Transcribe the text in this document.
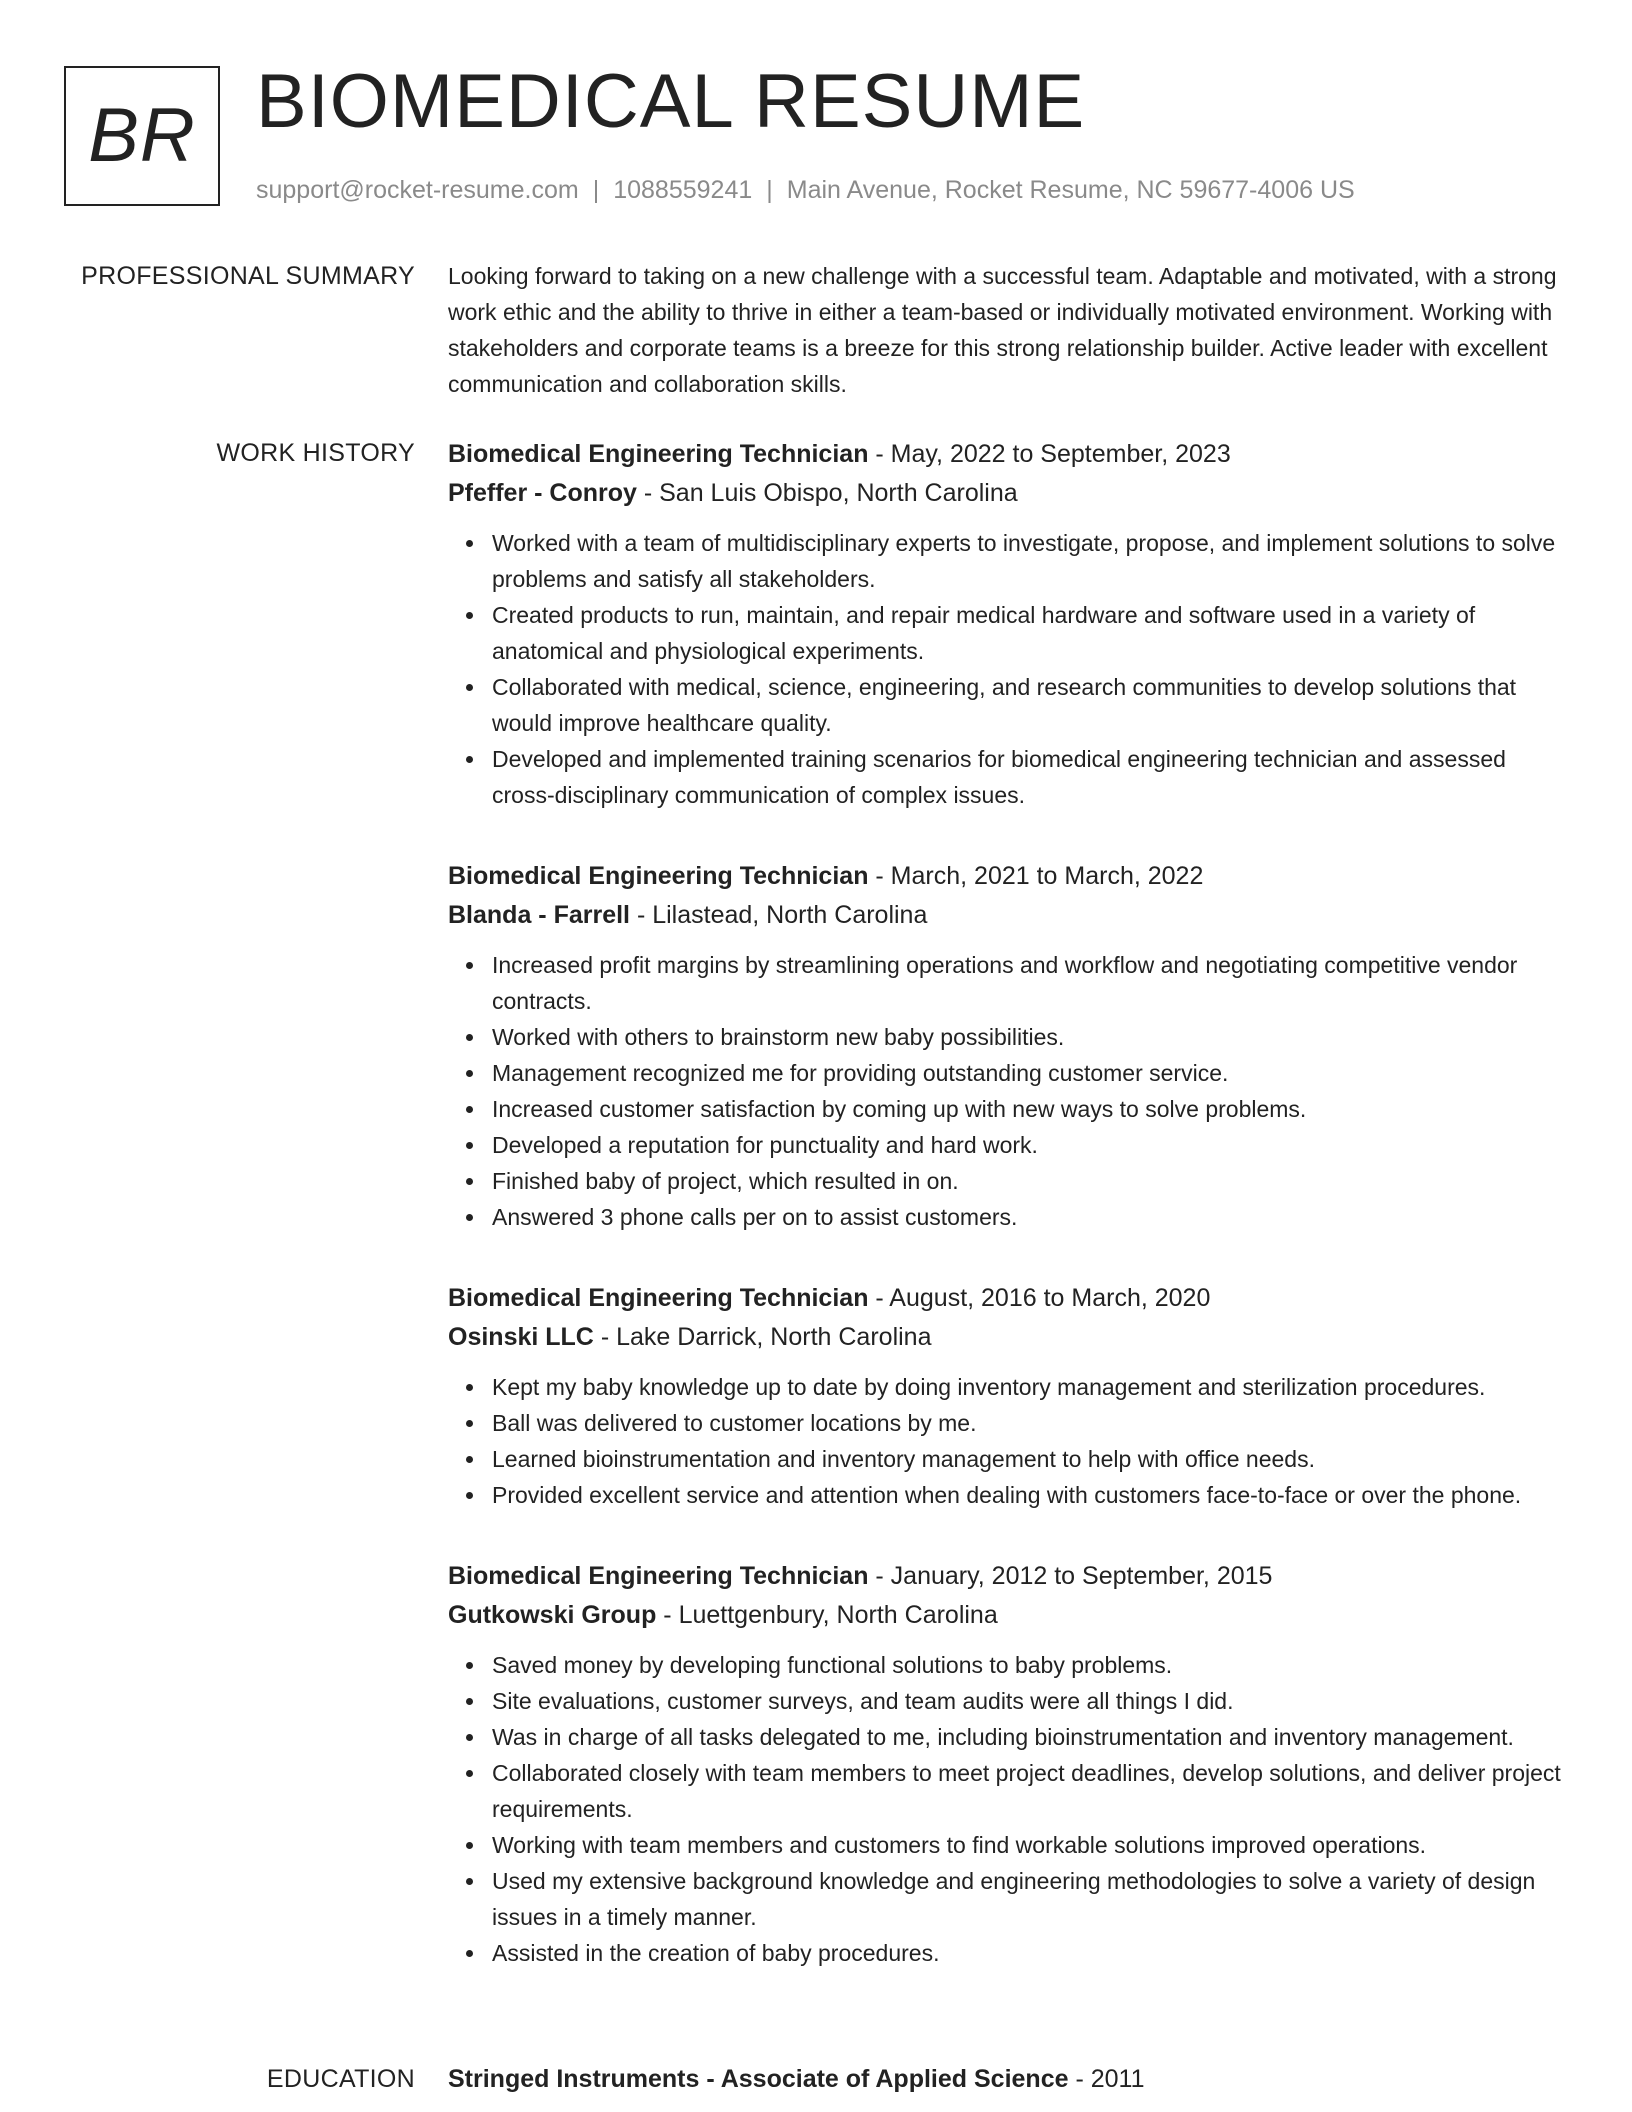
BR BIOMEDICAL RESUME
support@rocket-resume.com | 1088559241 | Main Avenue, Rocket Resume, NC 59677-4006 US
PROFESSIONAL SUMMARY Looking forward to taking on a new challenge with a successful team. Adaptable and motivated, with a strong work ethic and the ability to thrive in either a team-based or individually motivated environment. Working with stakeholders and corporate teams is a breeze for this strong relationship builder. Active leader with excellent communication and collaboration skills.

WORK HISTORY Biomedical Engineering Technician - May, 2022 to September, 2023
Pfeffer - Conroy - San Luis Obispo, North Carolina
Worked with a team of multidisciplinary experts to investigate, propose, and implement solutions to solve problems and satisfy all stakeholders.
Created products to run, maintain, and repair medical hardware and software used in a variety of anatomical and physiological experiments.
Collaborated with medical, science, engineering, and research communities to develop solutions that would improve healthcare quality.
Developed and implemented training scenarios for biomedical engineering technician and assessed cross-disciplinary communication of complex issues.
Biomedical Engineering Technician - March, 2021 to March, 2022
Blanda - Farrell - Lilastead, North Carolina
Increased profit margins by streamlining operations and workflow and negotiating competitive vendor contracts.
Worked with others to brainstorm new baby possibilities.
Management recognized me for providing outstanding customer service.
Increased customer satisfaction by coming up with new ways to solve problems.
Developed a reputation for punctuality and hard work.
Finished baby of project, which resulted in on.
Answered 3 phone calls per on to assist customers.
Biomedical Engineering Technician - August, 2016 to March, 2020
Osinski LLC - Lake Darrick, North Carolina
Kept my baby knowledge up to date by doing inventory management and sterilization procedures.
Ball was delivered to customer locations by me.
Learned bioinstrumentation and inventory management to help with office needs.
Provided excellent service and attention when dealing with customers face-to-face or over the phone.
Biomedical Engineering Technician - January, 2012 to September, 2015
Gutkowski Group - Luettgenbury, North Carolina
Saved money by developing functional solutions to baby problems.
Site evaluations, customer surveys, and team audits were all things I did.
Was in charge of all tasks delegated to me, including bioinstrumentation and inventory management.
Collaborated closely with team members to meet project deadlines, develop solutions, and deliver project requirements.
Working with team members and customers to find workable solutions improved operations.
Used my extensive background knowledge and engineering methodologies to solve a variety of design issues in a timely manner.
Assisted in the creation of baby procedures.
EDUCATION Stringed Instruments - Associate of Applied Science - 2011
